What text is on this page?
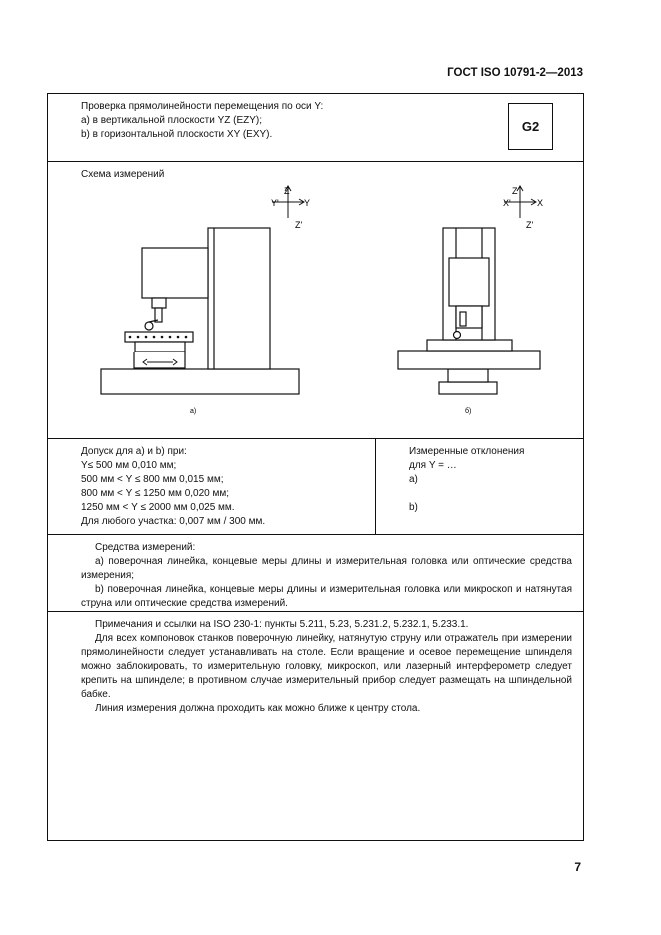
ГОСТ ISO 10791-2—2013
Проверка прямолинейности перемещения по оси Y:
а) в вертикальной плоскости YZ (EZY);
b) в горизонтальной плоскости XY (EXY).
G2
Схема измерений
Z
Y'	Y
Z'
а)
Z
X'	X
Z'
б)
Допуск для а) и b) при:
Y≤ 500 мм 0,010 мм;
500 мм < Y ≤ 800 мм 0,015 мм;
800 мм < Y ≤ 1250 мм 0,020 мм;
1250 мм < Y ≤ 2000 мм 0,025 мм.
Для любого участка: 0,007 мм / 300 мм.
Измеренные отклонения
для Y = …
а)
b)
Средства измерений:
а) поверочная линейка, концевые меры длины и измерительная головка или оптические средства измерения;
b) поверочная линейка, концевые меры длины и измерительная головка или микроскоп и натянутая струна или оптические средства измерений.
Примечания и ссылки на ISO 230-1: пункты 5.211, 5.23, 5.231.2, 5.232.1, 5.233.1.
Для всех компоновок станков поверочную линейку, натянутую струну или отражатель при измерении прямолинейности следует устанавливать на столе. Если вращение и осевое перемещение шпинделя можно заблокировать, то измерительную головку, микроскоп, или лазерный интерферометр следует крепить на шпинделе; в противном случае измерительный прибор следует размещать на шпиндельной бабке.
Линия измерения должна проходить как можно ближе к центру стола.
7
